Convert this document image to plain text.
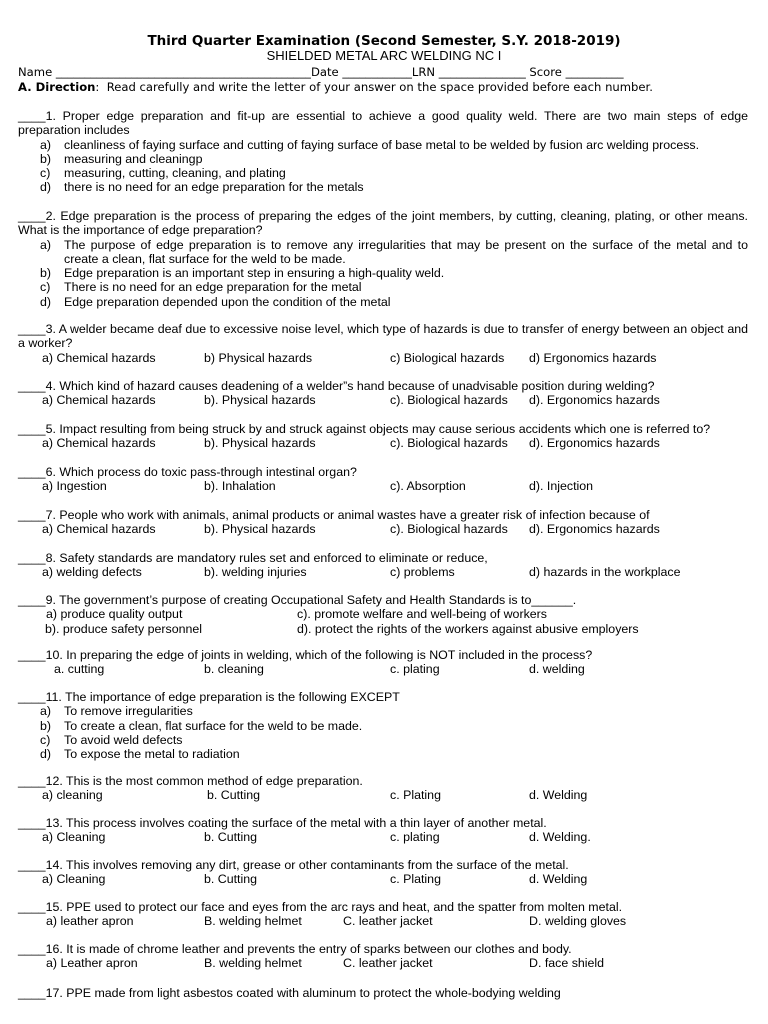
Third Quarter Examination (Second Semester, S.Y. 2018-2019)
SHIELDED METAL ARC WELDING NC I
Name ____________________________________________Date ____________LRN _______________ Score __________
A. Direction:  Read carefully and write the letter of your answer on the space provided before each number.
____1. Proper edge preparation and fit-up are essential to achieve a good quality weld. There are two main steps of edge preparation includes
a) cleanliness of faying surface and cutting of faying surface of base metal to be welded by fusion arc welding process.
b) measuring and cleaningp
c) measuring, cutting, cleaning, and plating
d) there is no need for an edge preparation for the metals
____2. Edge preparation is the process of preparing the edges of the joint members, by cutting, cleaning, plating, or other means. What is the importance of edge preparation?
a) The purpose of edge preparation is to remove any irregularities that may be present on the surface of the metal and to create a clean, flat surface for the weld to be made.
b) Edge preparation is an important step in ensuring a high-quality weld.
c) There is no need for an edge preparation for the metal
d) Edge preparation depended upon the condition of the metal
____3. A welder became deaf due to excessive noise level, which type of hazards is due to transfer of energy between an object and a worker?
a) Chemical hazards	b) Physical hazards	c) Biological hazards d) Ergonomics hazards
____4. Which kind of hazard causes deadening of a welder”s hand because of unadvisable position during welding?
a) Chemical hazards	b). Physical hazards	c). Biological hazards d). Ergonomics hazards
____5. Impact resulting from being struck by and struck against objects may cause serious accidents which one is referred to?
a) Chemical hazards	b). Physical hazards	c). Biological hazards d). Ergonomics hazards
____6. Which process do toxic pass-through intestinal organ?
a) Ingestion	b). Inhalation	c). Absorption	d). Injection
____7. People who work with animals, animal products or animal wastes have a greater risk of infection because of
a) Chemical hazards	b). Physical hazards	c). Biological hazards d). Ergonomics hazards
____8. Safety standards are mandatory rules set and enforced to eliminate or reduce,
a) welding defects	b). welding injuries	c) problems	d) hazards in the workplace
____9. The government’s purpose of creating Occupational Safety and Health Standards is to______.
a) produce quality output	c). promote welfare and well-being of workers
b). produce safety personnel	d). protect the rights of the workers against abusive employers
____10. In preparing the edge of joints in welding, which of the following is NOT included in the process?
a. cutting	b. cleaning	c. plating	d. welding
____11. The importance of edge preparation is the following EXCEPT
a) To remove irregularities
b) To create a clean, flat surface for the weld to be made.
c) To avoid weld defects
d) To expose the metal to radiation
____12. This is the most common method of edge preparation.
a) cleaning	b. Cutting	c. Plating	d. Welding
____13. This process involves coating the surface of the metal with a thin layer of another metal.
a) Cleaning	b. Cutting	c. plating	d. Welding.
____14. This involves removing any dirt, grease or other contaminants from the surface of the metal.
a) Cleaning	b. Cutting	c. Plating	d. Welding
____15. PPE used to protect our face and eyes from the arc rays and heat, and the spatter from molten metal.
a) leather apron	B. welding helmet	C. leather jacket	D. welding gloves
____16. It is made of chrome leather and prevents the entry of sparks between our clothes and body.
a) Leather apron	B. welding helmet	C. leather jacket	D. face shield
____17. PPE made from light asbestos coated with aluminum to protect the whole-bodying welding
